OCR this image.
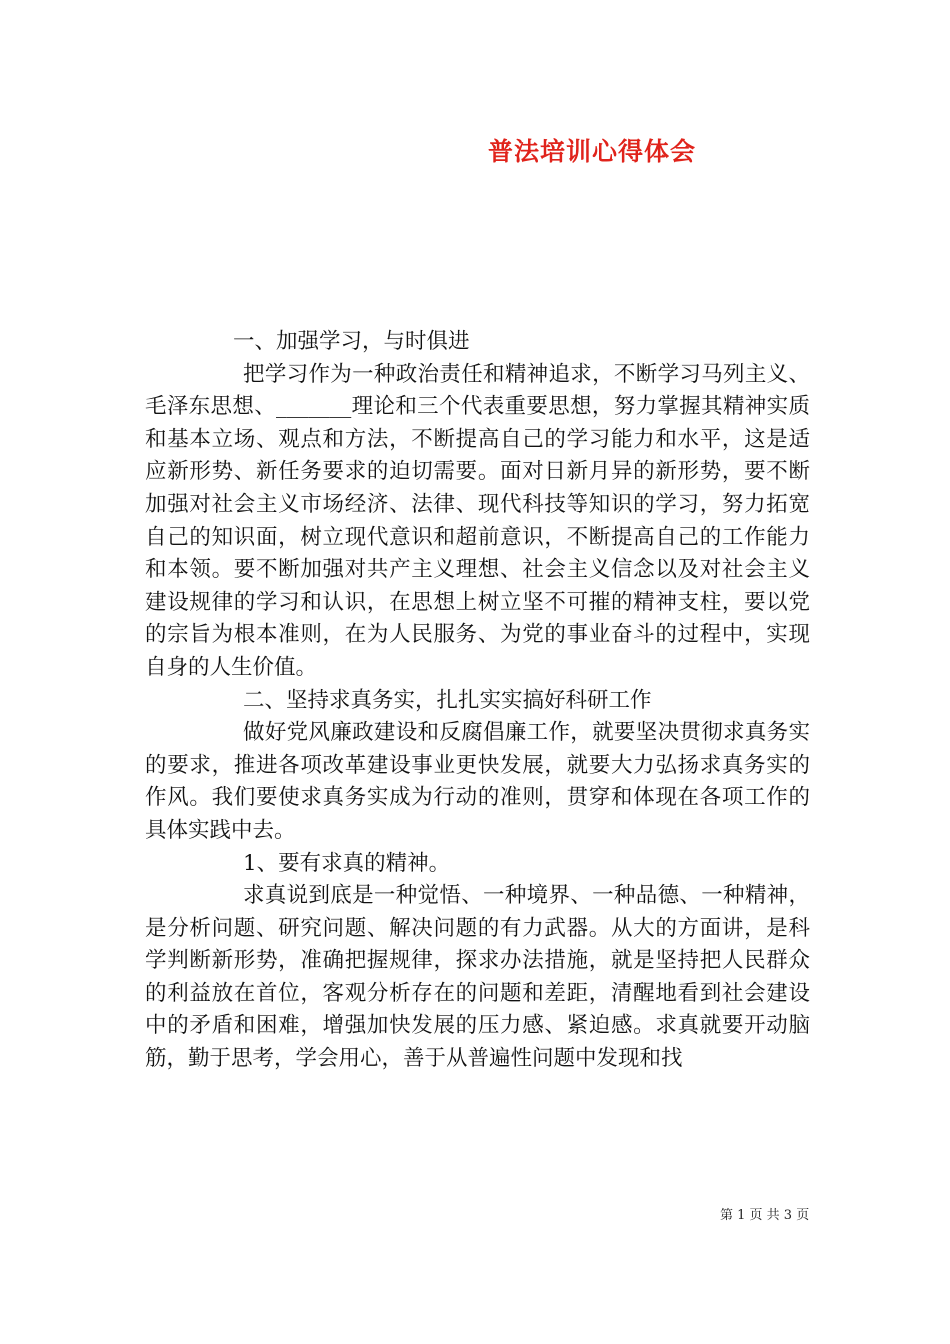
普法培训心得体会

一、加强学习，与时俱进

把学习作为一种政治责任和精神追求，不断学习马列主义、毛泽东思想、_______理论和三个代表重要思想，努力掌握其精神实质和基本立场、观点和方法，不断提高自己的学习能力和水平，这是适应新形势、新任务要求的迫切需要。面对日新月异的新形势，要不断加强对社会主义市场经济、法律、现代科技等知识的学习，努力拓宽自己的知识面，树立现代意识和超前意识，不断提高自己的工作能力和本领。要不断加强对共产主义理想、社会主义信念以及对社会主义建设规律的学习和认识，在思想上树立坚不可摧的精神支柱，要以党的宗旨为根本准则，在为人民服务、为党的事业奋斗的过程中，实现自身的人生价值。

二、坚持求真务实，扎扎实实搞好科研工作

做好党风廉政建设和反腐倡廉工作，就要坚决贯彻求真务实的要求，推进各项改革建设事业更快发展，就要大力弘扬求真务实的作风。我们要使求真务实成为行动的准则，贯穿和体现在各项工作的具体实践中去。

1、要有求真的精神。

求真说到底是一种觉悟、一种境界、一种品德、一种精神，是分析问题、研究问题、解决问题的有力武器。从大的方面讲，是科学判断新形势，准确把握规律，探求办法措施，就是坚持把人民群众的利益放在首位，客观分析存在的问题和差距，清醒地看到社会建设中的矛盾和困难，增强加快发展的压力感、紧迫感。求真就要开动脑筋，勤于思考，学会用心，善于从普遍性问题中发现和找

第 1 页 共 3 页
